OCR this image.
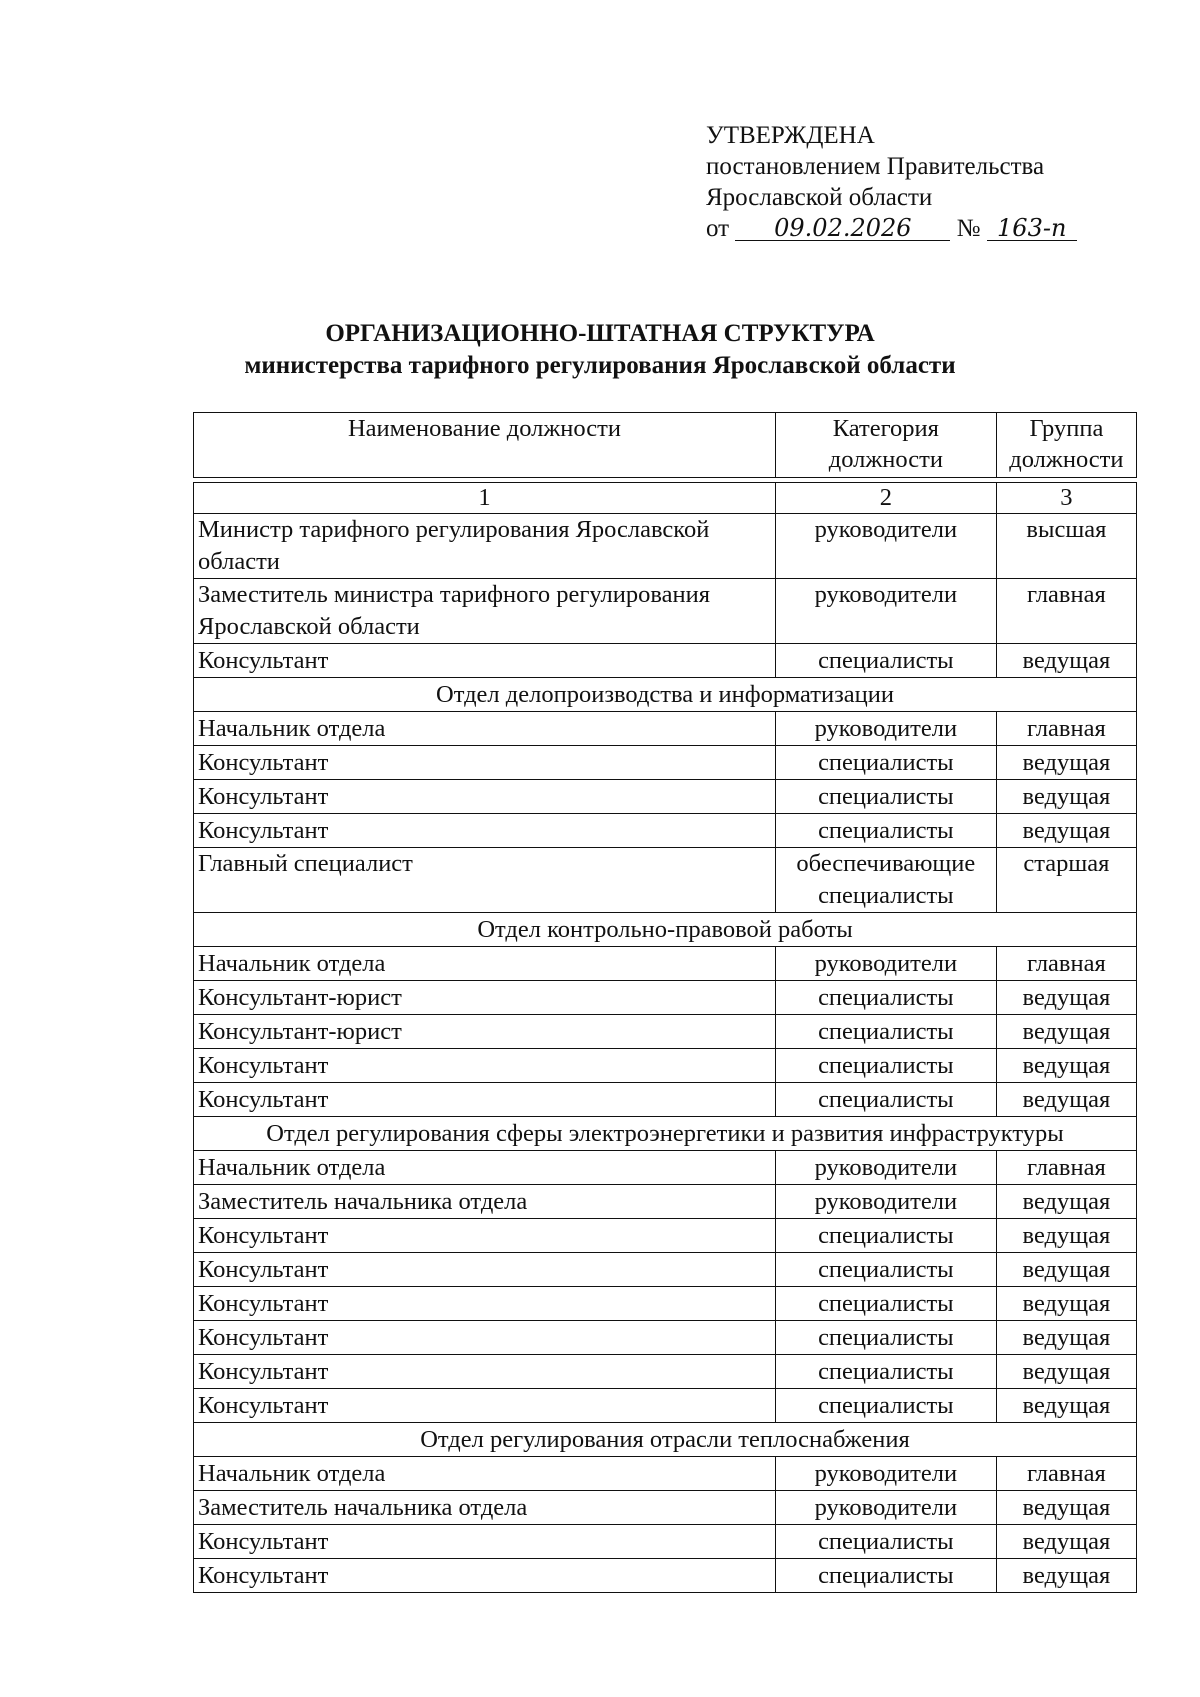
УТВЕРЖДЕНА
постановлением Правительства
Ярославской области
от 09.02.2026 № 163-п
ОРГАНИЗАЦИОННО-ШТАТНАЯ СТРУКТУРА
министерства тарифного регулирования Ярославской области
Наименование должности	Категория должности	Группа должности
1	2	3
Министр тарифного регулирования Ярославской области	руководители	высшая
Заместитель министра тарифного регулирования Ярославской области	руководители	главная
Консультант	специалисты	ведущая
Отдел делопроизводства и информатизации		
Начальник отдела	руководители	главная
Консультант	специалисты	ведущая
Консультант	специалисты	ведущая
Консультант	специалисты	ведущая
Главный специалист	обеспечивающие специалисты	старшая
Отдел контрольно-правовой работы		
Начальник отдела	руководители	главная
Консультант-юрист	специалисты	ведущая
Консультант-юрист	специалисты	ведущая
Консультант	специалисты	ведущая
Консультант	специалисты	ведущая
Отдел регулирования сферы электроэнергетики и развития инфраструктуры		
Начальник отдела	руководители	главная
Заместитель начальника отдела	руководители	ведущая
Консультант	специалисты	ведущая
Консультант	специалисты	ведущая
Консультант	специалисты	ведущая
Консультант	специалисты	ведущая
Консультант	специалисты	ведущая
Консультант	специалисты	ведущая
Отдел регулирования отрасли теплоснабжения		
Начальник отдела	руководители	главная
Заместитель начальника отдела	руководители	ведущая
Консультант	специалисты	ведущая
Консультант	специалисты	ведущая
